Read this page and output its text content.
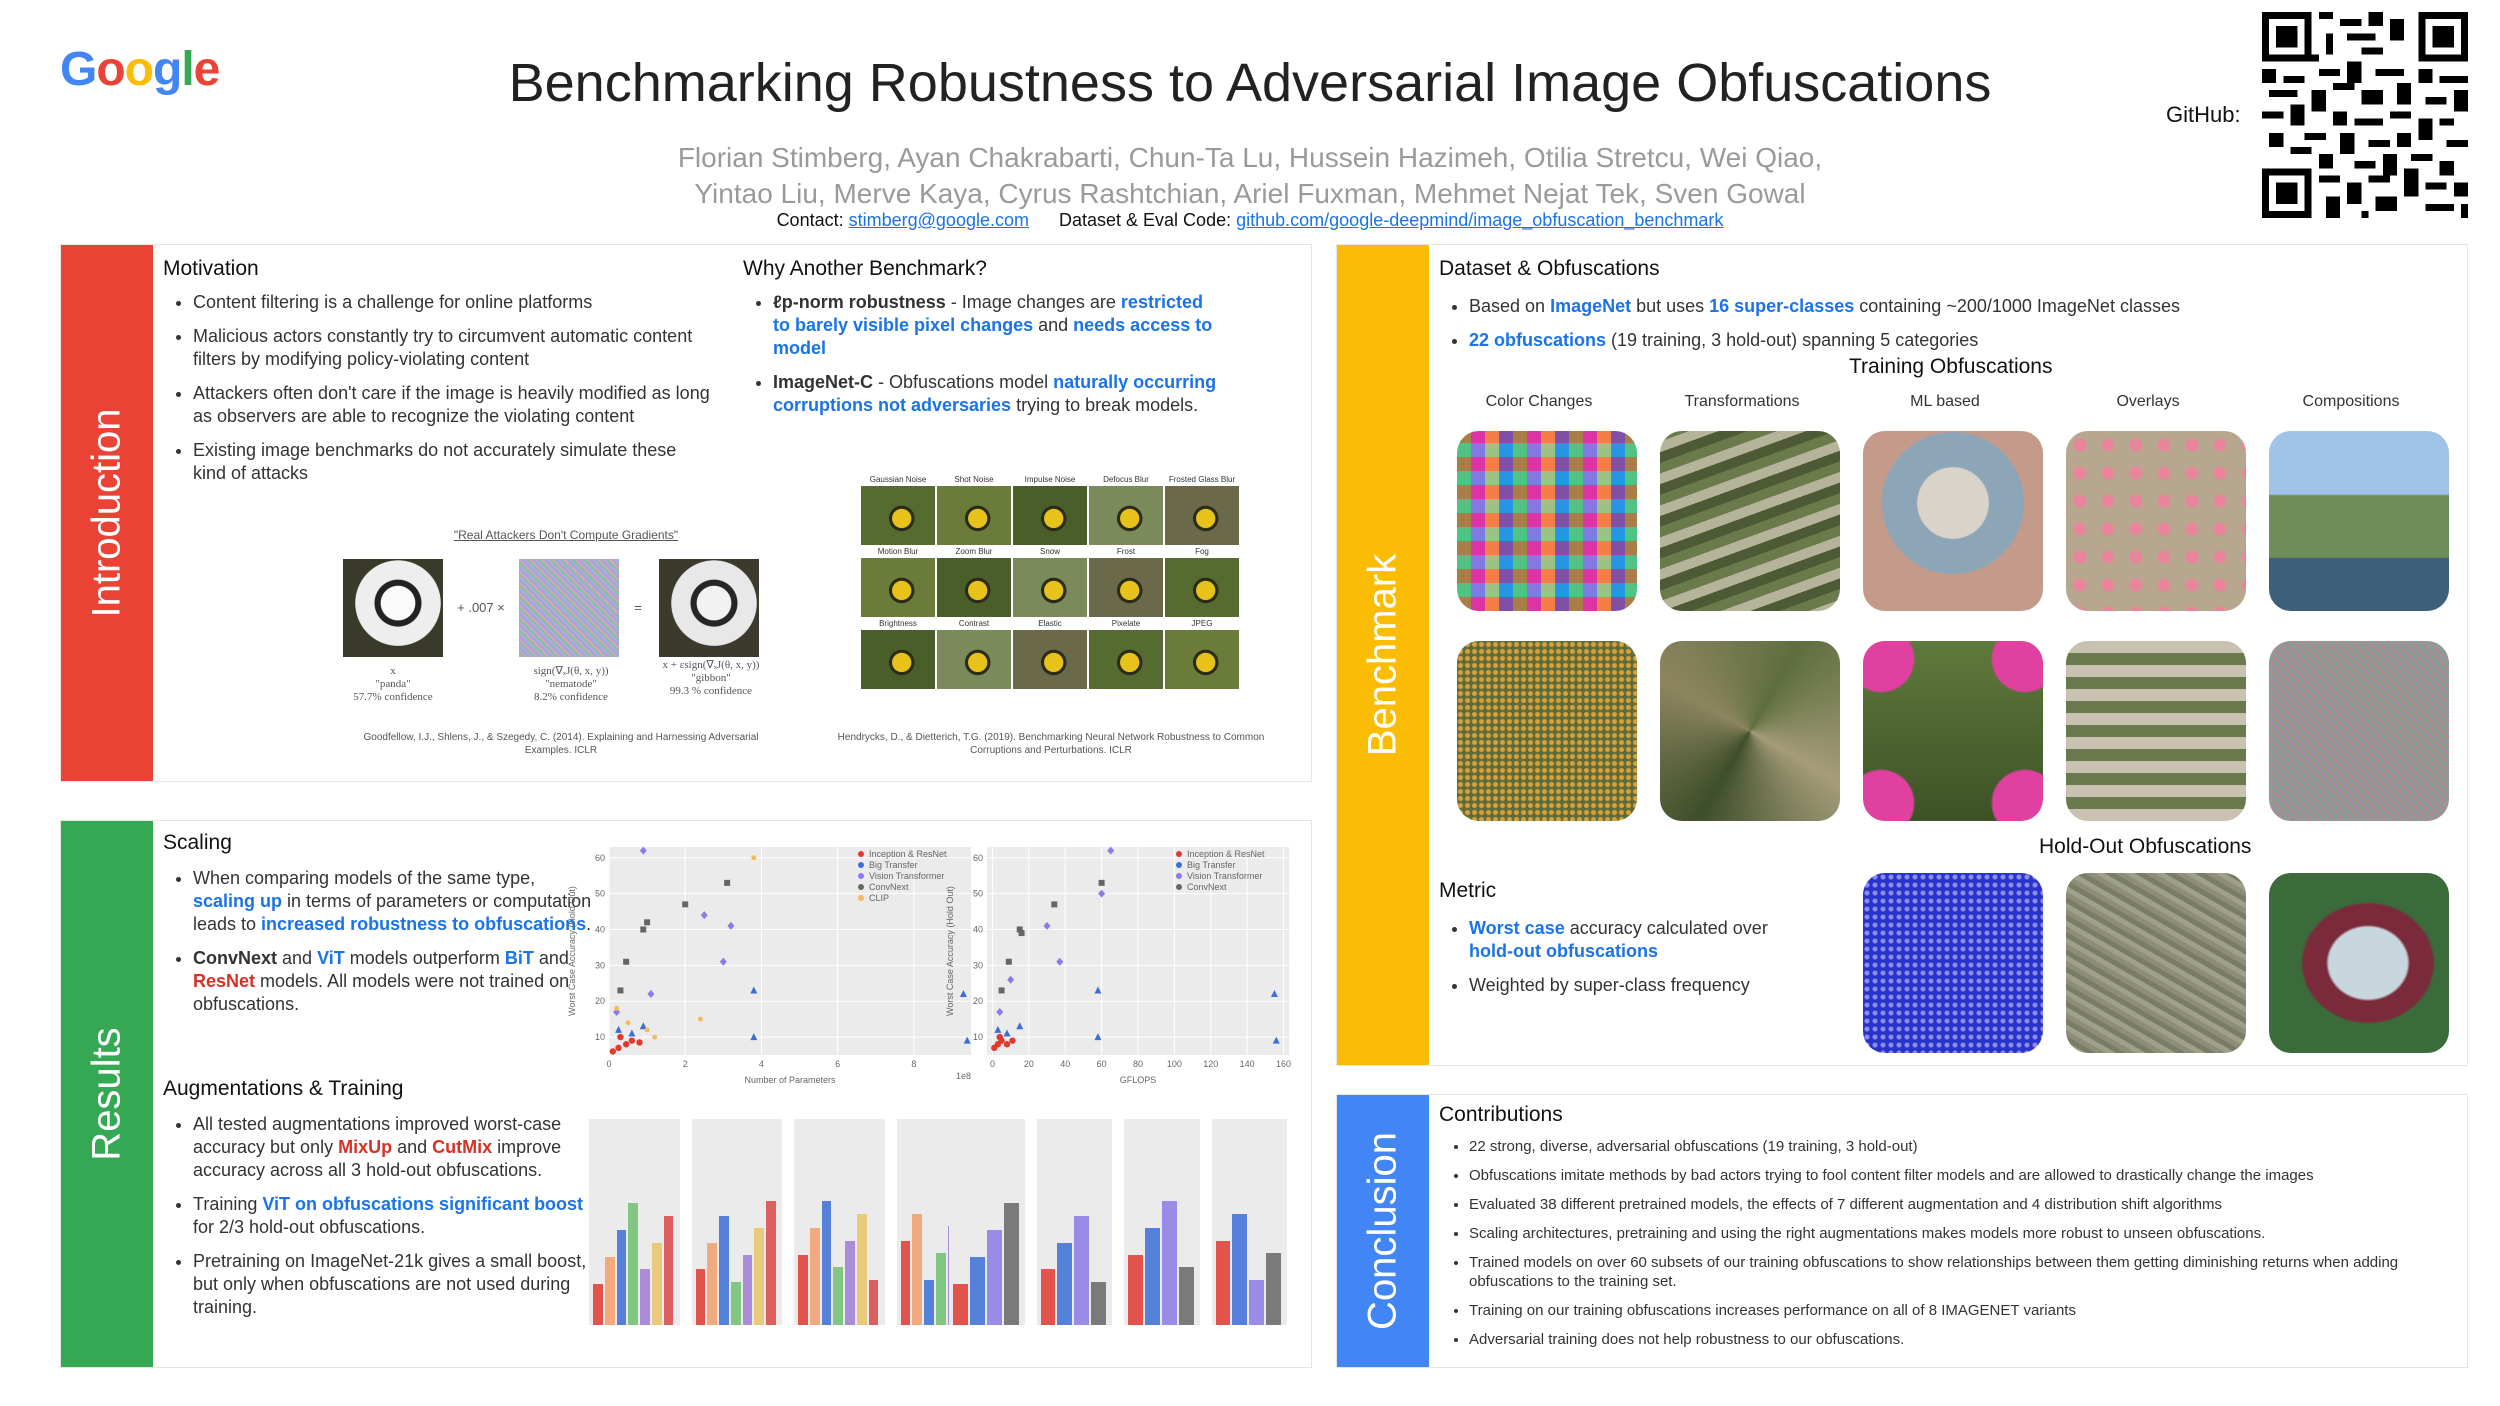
Google	Benchmarking Robustness to Adversarial Image Obfuscations
Florian Stimberg, Ayan Chakrabarti, Chun-Ta Lu, Hussein Hazimeh, Otilia Stretcu, Wei Qiao,
Yintao Liu, Merve Kaya, Cyrus Rashtchian, Ariel Fuxman, Mehmet Nejat Tek, Sven Gowal
Contact: stimberg@google.com Dataset & Eval Code: github.com/google-deepmind/image_obfuscation_benchmark
GitHub:
Introduction
Motivation
• Content filtering is a challenge for online platforms
• Malicious actors constantly try to circumvent automatic content filters by modifying policy-violating content
• Attackers often don't care if the image is heavily modified as long as observers are able to recognize the violating content
• Existing image benchmarks do not accurately simulate these kind of attacks
Why Another Benchmark?
• ℓp-norm robustness - Image changes are restricted to barely visible pixel changes and needs access to model
• ImageNet-C - Obfuscations model naturally occurring corruptions not adversaries trying to break models.
"Real Attackers Don't Compute Gradients"
+ .007 ×	=
x
"panda"
57.7% confidence
sign(∇ₓJ(θ, x, y))
"nematode"
8.2% confidence
x + εsign(∇ₓJ(θ, x, y))
"gibbon"
99.3 % confidence
Goodfellow, I.J., Shlens, J., & Szegedy, C. (2014). Explaining and Harnessing Adversarial Examples. ICLR
Gaussian Noise	Shot Noise	Impulse Noise	Defocus Blur	Frosted Glass Blur
Motion Blur	Zoom Blur	Snow	Frost	Fog
Brightness	Contrast	Elastic	Pixelate	JPEG
Hendrycks, D., & Dietterich, T.G. (2019). Benchmarking Neural Network Robustness to Common Corruptions and Perturbations. ICLR
Results
Scaling
• When comparing models of the same type, scaling up in terms of parameters or computation leads to increased robustness to obfuscations.
• ConvNext and ViT models outperform BiT and ResNet models. All models were not trained on obfuscations.
10
20
30
40
50
60
0	2	4	6	8
1e8
Number of Parameters
Worst Case Accuracy (Hold Out)
Inception & ResNet
Big Transfer
Vision Transformer
ConvNext
CLIP
10
20
30
40
50
60
0	20	40	60	80	100 120 140 160
GFLOPS
Worst Case Accuracy (Hold Out)
Inception & ResNet
Big Transfer
Vision Transformer
ConvNext
Augmentations & Training
• All tested augmentations improved worst-case accuracy but only MixUp and CutMix improve accuracy across all 3 hold-out obfuscations.
• Training ViT on obfuscations significant boost for 2/3 hold-out obfuscations.
• Pretraining on ImageNet-21k gives a small boost, but only when obfuscations are not used during training.
Benchmark
Dataset & Obfuscations
• Based on ImageNet but uses 16 super-classes containing ~200/1000 ImageNet classes
• 22 obfuscations (19 training, 3 hold-out) spanning 5 categories
Training Obfuscations
Color Changes	Transformations	ML based	Overlays	Compositions
Hold-Out Obfuscations
Metric
• Worst case accuracy calculated over hold-out obfuscations
• Weighted by super-class frequency
Conclusion
Contributions
• 22 strong, diverse, adversarial obfuscations (19 training, 3 hold-out)
• Obfuscations imitate methods by bad actors trying to fool content filter models and are allowed to drastically change the images
• Evaluated 38 different pretrained models, the effects of 7 different augmentation and 4 distribution shift algorithms
• Scaling architectures, pretraining and using the right augmentations makes models more robust to unseen obfuscations.
• Trained models on over 60 subsets of our training obfuscations to show relationships between them getting diminishing returns when adding obfuscations to the training set.
• Training on our training obfuscations increases performance on all of 8 IMAGENET variants
• Adversarial training does not help robustness to our obfuscations.
